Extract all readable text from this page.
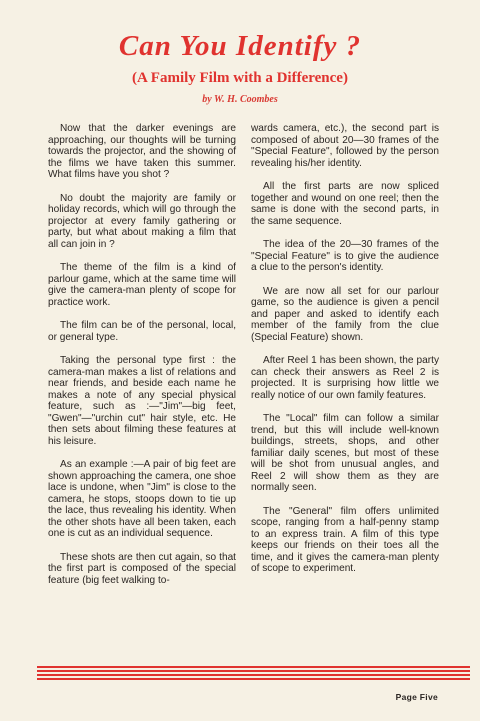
Can You Identify ?
(A Family Film with a Difference)
by W. H. Coombes

Now that the darker evenings are approaching, our thoughts will be turning towards the projector, and the showing of the films we have taken this summer. What films have you shot ?

No doubt the majority are family or holiday records, which will go through the projector at every family gathering or party, but what about making a film that all can join in ?

The theme of the film is a kind of parlour game, which at the same time will give the camera-man plenty of scope for practice work.

The film can be of the personal, local, or general type.

Taking the personal type first : the camera-man makes a list of relations and near friends, and beside each name he makes a note of any special physical feature, such as :—"Jim"—big feet, "Gwen"—"urchin cut" hair style, etc. He then sets about filming these features at his leisure.

As an example :—A pair of big feet are shown approaching the camera, one shoe lace is undone, when "Jim" is close to the camera, he stops, stoops down to tie up the lace, thus revealing his identity. When the other shots have all been taken, each one is cut as an individual sequence.

These shots are then cut again, so that the first part is composed of the special feature (big feet walking to-

wards camera, etc.), the second part is composed of about 20—30 frames of the "Special Feature", followed by the person revealing his/her identity.

All the first parts are now spliced together and wound on one reel; then the same is done with the second parts, in the same sequence.

The idea of the 20—30 frames of the "Special Feature" is to give the audience a clue to the person's identity.

We are now all set for our parlour game, so the audience is given a pencil and paper and asked to identify each member of the family from the clue (Special Feature) shown.

After Reel 1 has been shown, the party can check their answers as Reel 2 is projected. It is surprising how little we really notice of our own family features.

The "Local" film can follow a similar trend, but this will include well-known buildings, streets, shops, and other familiar daily scenes, but most of these will be shot from unusual angles, and Reel 2 will show them as they are normally seen.

The "General" film offers unlimited scope, ranging from a half-penny stamp to an express train. A film of this type keeps our friends on their toes all the time, and it gives the camera-man plenty of scope to experiment.

Page Five
